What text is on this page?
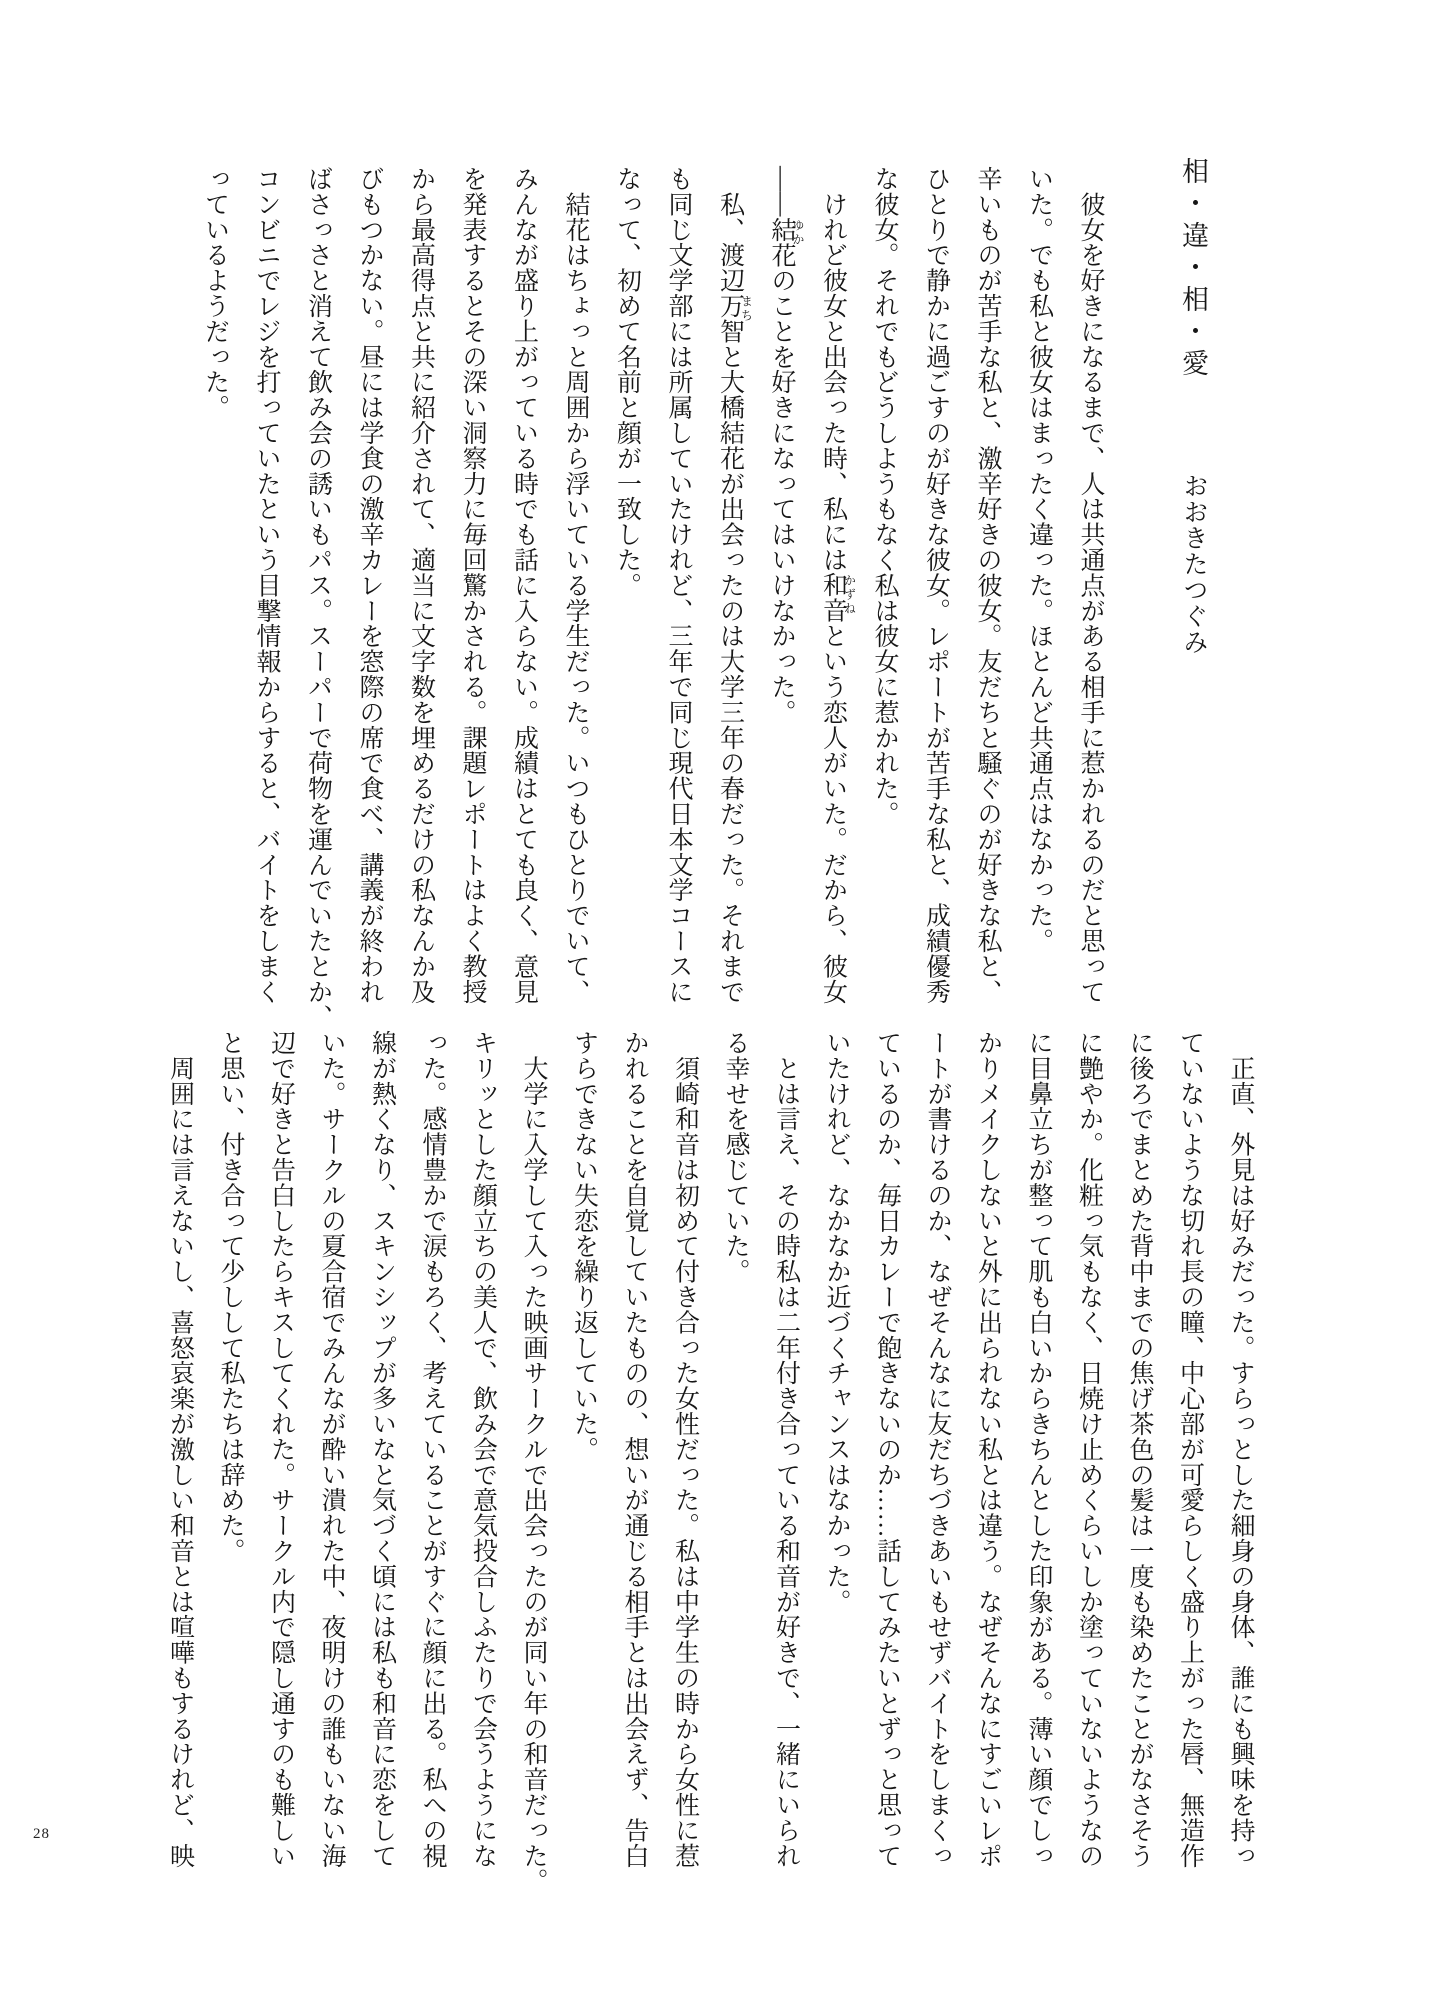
相・違・相・愛おおきたつぐみ

　彼女を好きになるまで、人は共通点がある相手に惹かれるのだと思って

いた。でも私と彼女はまったく違った。ほとんど共通点はなかった。

辛いものが苦手な私と、激辛好きの彼女。友だちと騒ぐのが好きな私と、

ひとりで静かに過ごすのが好きな彼女。レポートが苦手な私と、成績優秀

な彼女。それでもどうしようもなく私は彼女に惹かれた。

　けれど彼女と出会った時、私には和音
かずね
という恋人がいた。だから、彼女

――結花
ゆか
のことを好きになってはいけなかった。

　私、渡辺万智
まち
と大橋結花が出会ったのは大学三年の春だった。それまで

も同じ文学部には所属していたけれど、三年で同じ現代日本文学コースに

なって、初めて名前と顔が一致した。

　結花はちょっと周囲から浮いている学生だった。いつもひとりでいて、

みんなが盛り上がっている時でも話に入らない。成績はとても良く、意見

を発表するとその深い洞察力に毎回驚かされる。課題レポートはよく教授

から最高得点と共に紹介されて、適当に文字数を埋めるだけの私なんか及

びもつかない。昼には学食の激辛カレーを窓際の席で食べ、講義が終われ

ばさっさと消えて飲み会の誘いもパス。スーパーで荷物を運んでいたとか、

コンビニでレジを打っていたという目撃情報からすると、バイトをしまく

っているようだった。

　正直、外見は好みだった。すらっとした細身の身体、誰にも興味を持っ

ていないような切れ長の瞳、中心部が可愛らしく盛り上がった唇、無造作

に後ろでまとめた背中までの焦げ茶色の髪は一度も染めたことがなさそう

に艶やか。化粧っ気もなく、日焼け止めくらいしか塗っていないようなの

に目鼻立ちが整って肌も白いからきちんとした印象がある。薄い顔でしっ

かりメイクしないと外に出られない私とは違う。なぜそんなにすごいレポ

ートが書けるのか、なぜそんなに友だちづきあいもせずバイトをしまくっ

ているのか、毎日カレーで飽きないのか……話してみたいとずっと思って

いたけれど、なかなか近づくチャンスはなかった。

　とは言え、その時私は二年付き合っている和音が好きで、一緒にいられ

る幸せを感じていた。

　須崎和音は初めて付き合った女性だった。私は中学生の時から女性に惹

かれることを自覚していたものの、想いが通じる相手とは出会えず、告白

すらできない失恋を繰り返していた。

　大学に入学して入った映画サークルで出会ったのが同い年の和音だった。

キリッとした顔立ちの美人で、飲み会で意気投合しふたりで会うようにな

った。感情豊かで涙もろく、考えていることがすぐに顔に出る。私への視

線が熱くなり、スキンシップが多いなと気づく頃には私も和音に恋をして

いた。サークルの夏合宿でみんなが酔い潰れた中、夜明けの誰もいない海

辺で好きと告白したらキスしてくれた。サークル内で隠し通すのも難しい

と思い、付き合って少しして私たちは辞めた。

　周囲には言えないし、喜怒哀楽が激しい和音とは喧嘩もするけれど、映

28
